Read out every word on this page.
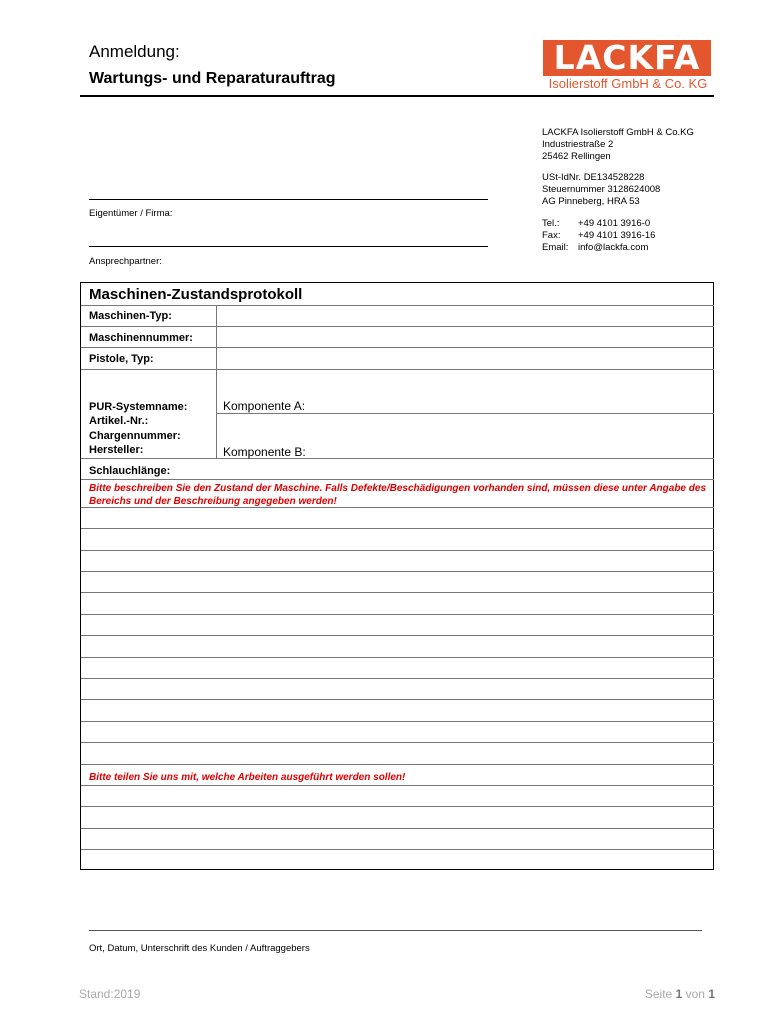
Anmeldung:
Wartungs- und Reparaturauftrag
LACKFA
Isolierstoff GmbH & Co. KG
LACKFA Isolierstoff GmbH & Co.KG
Industriestraße 2
25462 Rellingen
USt-IdNr. DE134528228
Steuernummer 3128624008
AG Pinneberg, HRA 53
Tel.:	+49 4101 3916-0
Fax:	+49 4101 3916-16
Email:	info@lackfa.com
Eigentümer / Firma:
Ansprechpartner:
Maschinen-Zustandsprotokoll
Maschinen-Typ:
Maschinennummer:
Pistole, Typ:
PUR-Systemname:
Artikel.-Nr.:
Chargennummer:
Hersteller:
Komponente A:
Komponente B:
Schlauchlänge:
Bitte beschreiben Sie den Zustand der Maschine. Falls Defekte/Beschädigungen vorhanden sind, müssen diese unter Angabe des Bereichs und der Beschreibung angegeben werden!
Bitte teilen Sie uns mit, welche Arbeiten ausgeführt werden sollen!
Ort, Datum, Unterschrift des Kunden / Auftraggebers
Stand:2019	Seite 1 von 1
